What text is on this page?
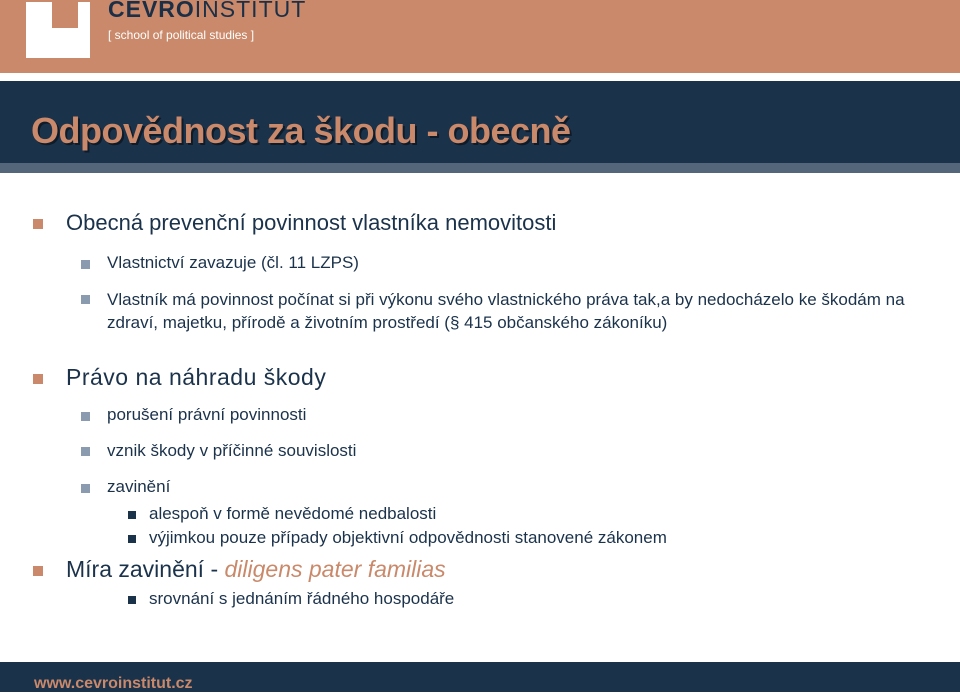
CEVROINSTITUT
[ school of political studies ]
Odpovědnost za škodu - obecně
Obecná prevenční povinnost vlastníka nemovitosti
Vlastnictví zavazuje (čl. 11 LZPS)
Vlastník má povinnost počínat si při výkonu svého vlastnického práva tak,a by nedocházelo ke škodám na zdraví, majetku, přírodě a životním prostředí (§ 415 občanského zákoníku)
Právo na náhradu škody
porušení právní povinnosti
vznik škody v příčinné souvislosti
zavinění
alespoň v formě nevědomé nedbalosti
výjimkou pouze případy objektivní odpovědnosti stanovené zákonem
Míra zavinění - diligens pater familias
srovnání s jednáním řádného hospodáře
www.cevroinstitut.cz
